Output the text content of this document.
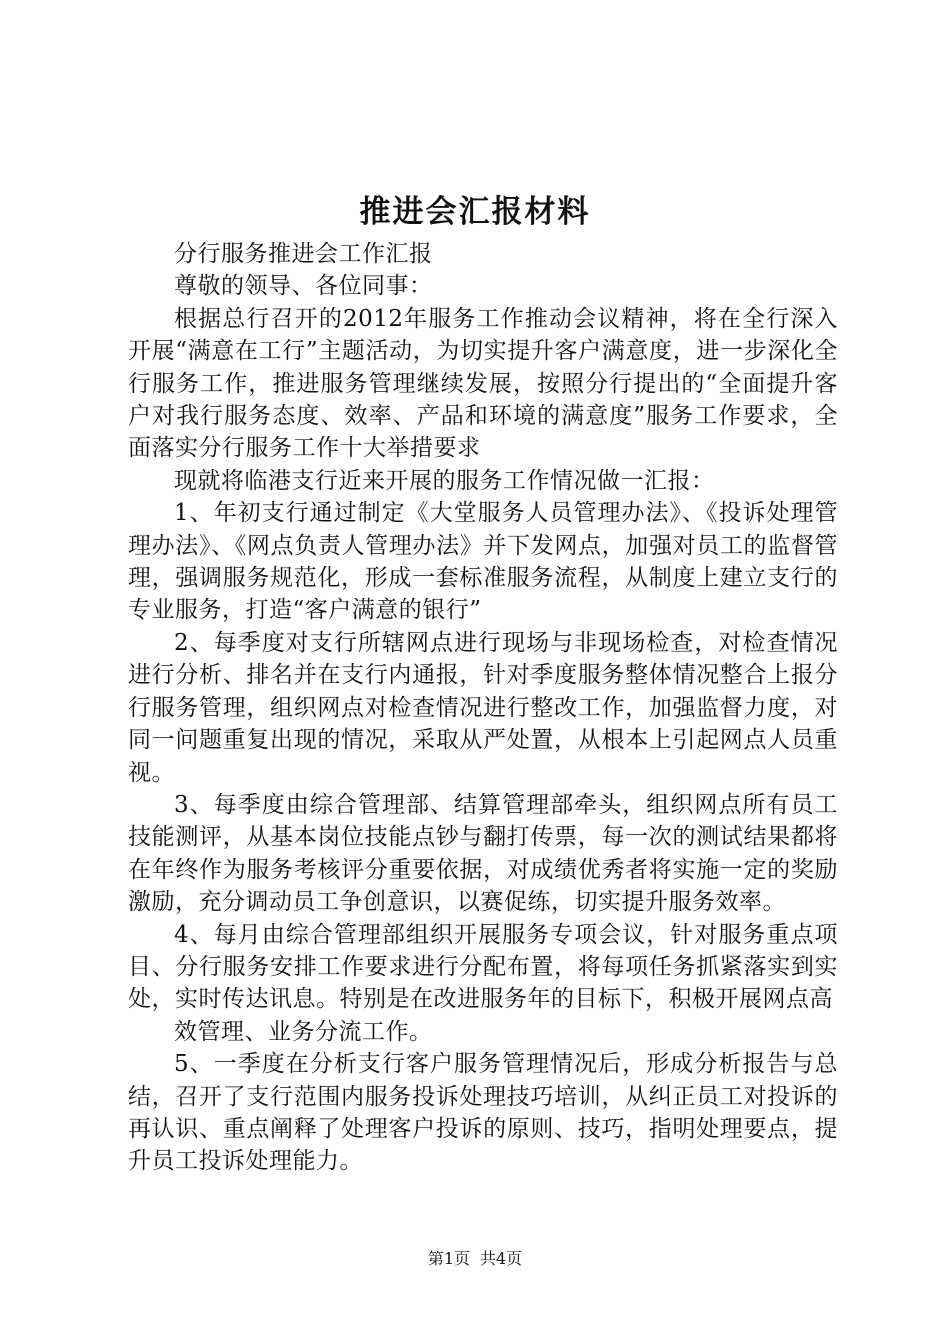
推进会汇报材料

分行服务推进会工作汇报

尊敬的领导、各位同事：

根据总行召开的2012年服务工作推动会议精神，将在全行深入开展“满意在工行”主题活动，为切实提升客户满意度，进一步深化全行服务工作，推进服务管理继续发展，按照分行提出的“全面提升客户对我行服务态度、效率、产品和环境的满意度”服务工作要求，全面落实分行服务工作十大举措要求

现就将临港支行近来开展的服务工作情况做一汇报：

1、年初支行通过制定《大堂服务人员管理办法》、《投诉处理管理办法》、《网点负责人管理办法》并下发网点，加强对员工的监督管理，强调服务规范化，形成一套标准服务流程，从制度上建立支行的专业服务，打造“客户满意的银行”

2、每季度对支行所辖网点进行现场与非现场检查，对检查情况进行分析、排名并在支行内通报，针对季度服务整体情况整合上报分行服务管理，组织网点对检查情况进行整改工作，加强监督力度，对同一问题重复出现的情况，采取从严处置，从根本上引起网点人员重视。

3、每季度由综合管理部、结算管理部牵头，组织网点所有员工技能测评，从基本岗位技能点钞与翻打传票，每一次的测试结果都将在年终作为服务考核评分重要依据，对成绩优秀者将实施一定的奖励激励，充分调动员工争创意识，以赛促练，切实提升服务效率。

4、每月由综合管理部组织开展服务专项会议，针对服务重点项目、分行服务安排工作要求进行分配布置，将每项任务抓紧落实到实处，实时传达讯息。特别是在改进服务年的目标下，积极开展网点高

效管理、业务分流工作。

5、一季度在分析支行客户服务管理情况后，形成分析报告与总结，召开了支行范围内服务投诉处理技巧培训，从纠正员工对投诉的再认识、重点阐释了处理客户投诉的原则、技巧，指明处理要点，提升员工投诉处理能力。

第1页 共4页
